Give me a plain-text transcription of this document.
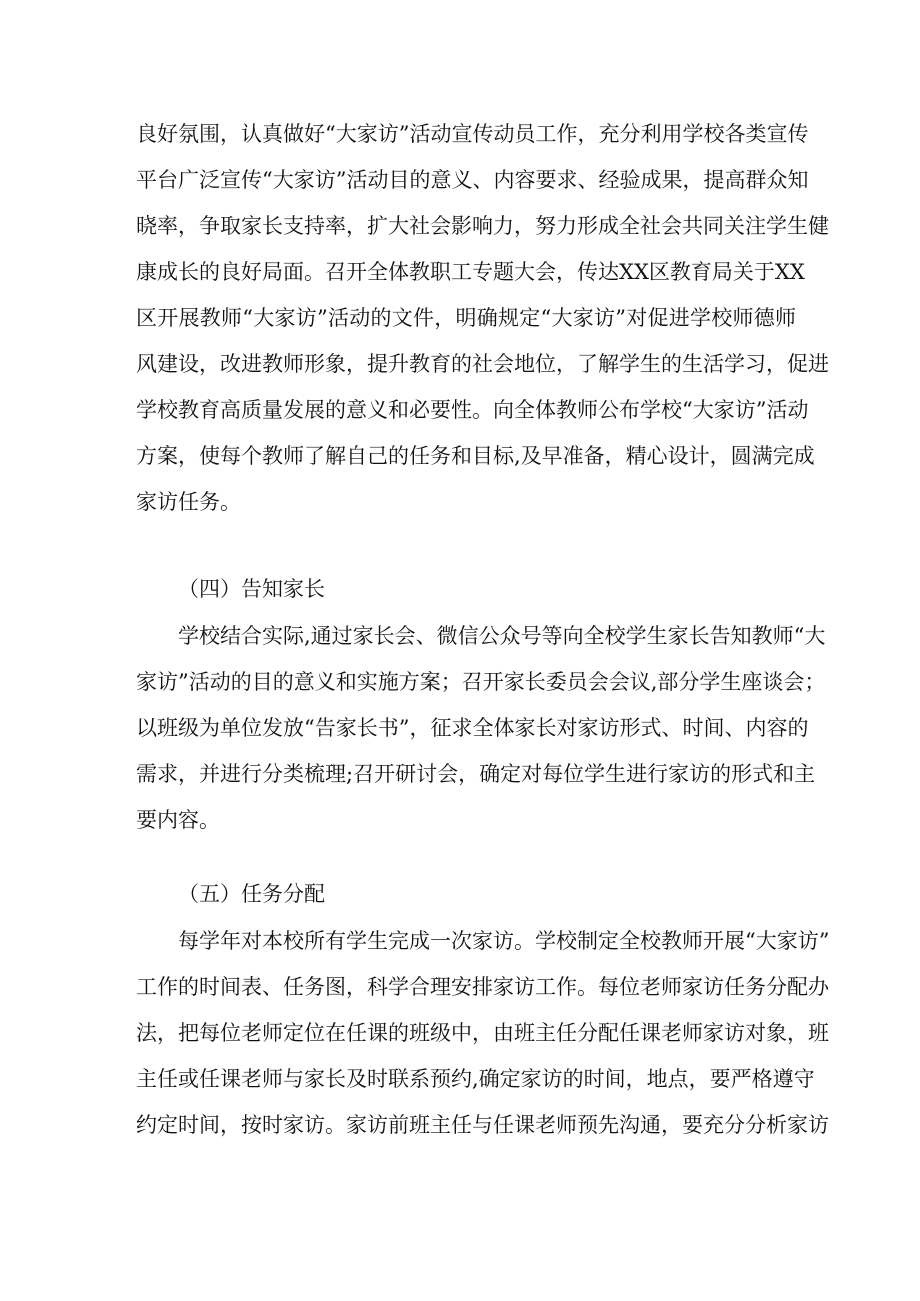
良好氛围，认真做好“大家访”活动宣传动员工作，充分利用学校各类宣传
平台广泛宣传“大家访”活动目的意义、内容要求、经验成果，提高群众知
晓率，争取家长支持率，扩大社会影响力，努力形成全社会共同关注学生健
康成长的良好局面。召开全体教职工专题大会，传达XX区教育局关于XX
区开展教师“大家访”活动的文件，明确规定“大家访”对促进学校师德师
风建设，改进教师形象，提升教育的社会地位，了解学生的生活学习，促进
学校教育高质量发展的意义和必要性。向全体教师公布学校“大家访”活动
方案，使每个教师了解自己的任务和目标,及早准备，精心设计，圆满完成
家访任务。
（四）告知家长
学校结合实际,通过家长会、微信公众号等向全校学生家长告知教师“大
家访”活动的目的意义和实施方案；召开家长委员会会议,部分学生座谈会；
以班级为单位发放“告家长书”，征求全体家长对家访形式、时间、内容的
需求，并进行分类梳理;召开研讨会，确定对每位学生进行家访的形式和主
要内容。
（五）任务分配
每学年对本校所有学生完成一次家访。学校制定全校教师开展“大家访”
工作的时间表、任务图，科学合理安排家访工作。每位老师家访任务分配办
法，把每位老师定位在任课的班级中，由班主任分配任课老师家访对象，班
主任或任课老师与家长及时联系预约,确定家访的时间，地点，要严格遵守
约定时间，按时家访。家访前班主任与任课老师预先沟通，要充分分析家访
